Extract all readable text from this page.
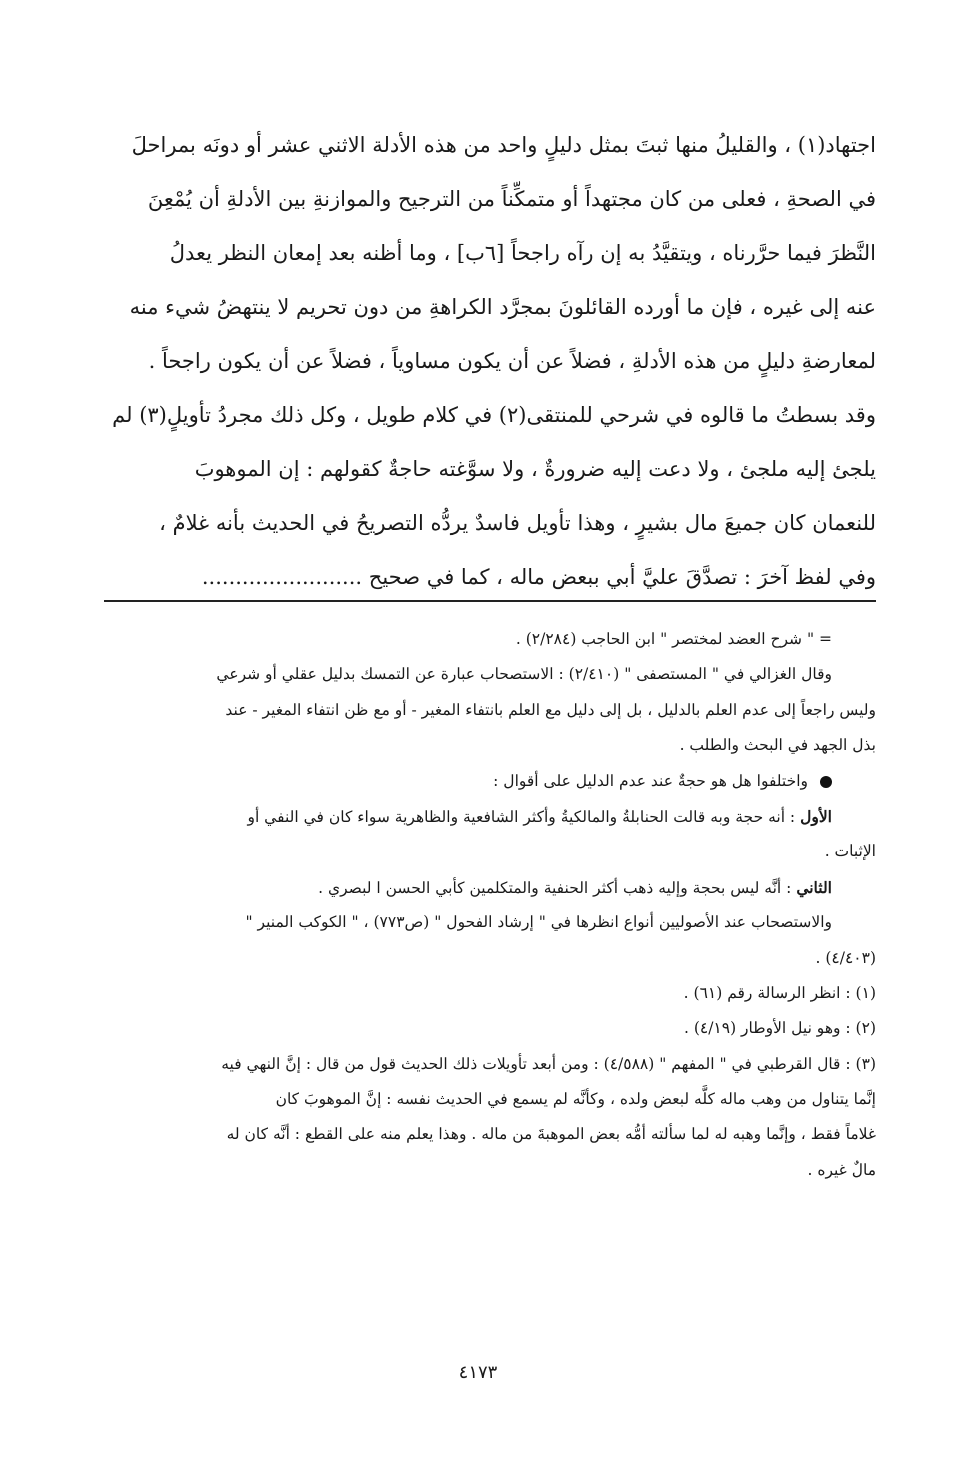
اجتهاد(١) ، والقليلُ منها ثبتَ بمثل دليلٍ واحد من هذه الأدلة الاثني عشر أو دونَه بمراحلَ
في الصحةِ ، فعلى من كان مجتهداً أو متمكِّناً من الترجيح والموازنةِ بين الأدلةِ أن يُمْعِنَ
النَّظرَ فيما حرَّرناه ، ويتقيَّدُ به إن رآه راجحاً [٦ب] ، وما أظنه بعد إمعان النظر يعدلُ
عنه إلى غيره ، فإن ما أورده القائلونَ بمجرَّد الكراهةِ من دون تحريم لا ينتهضُ شيء منه
لمعارضةِ دليلٍ من هذه الأدلةِ ، فضلاً عن أن يكون مساوياً ، فضلاً عن أن يكون راجحاً .
وقد بسطتُ ما قالوه في شرحي للمنتقى(٢) في كلام طويل ، وكل ذلك مجردُ تأويلٍ(٣) لم
يلجئ إليه ملجئ ، ولا دعت إليه ضرورةٌ ، ولا سوَّغته حاجةٌ كقولهم : إن الموهوبَ
للنعمان كان جميعَ مال بشيرٍ ، وهذا تأويل فاسدٌ يردُّه التصريحُ في الحديث بأنه غلامٌ ،
وفي لفظ آخرَ : تصدَّقَ عليَّ أبي ببعض ماله ، كما في صحيح ........................
= " شرح العضد لمختصر " ابن الحاجب (٢/٢٨٤) .
وقال الغزالي في " المستصفى " (٢/٤١٠) : الاستصحاب عبارة عن التمسك بدليل عقلي أو شرعي
وليس راجعاً إلى عدم العلم بالدليل ، بل إلى دليل مع العلم بانتفاء المغير - أو مع ظن انتفاء المغير - عند
بذل الجهد في البحث والطلب .
واختلفوا هل هو حجةٌ عند عدم الدليل على أقوال :
الأول : أنه حجة وبه قالت الحنابلةُ والمالكيةُ وأكثر الشافعية والظاهرية سواء كان في النفي أو
الإثبات .
الثاني : أنَّه ليس بحجة وإليه ذهب أكثر الحنفية والمتكلمين كأبي الحسن ا لبصري .
والاستصحاب عند الأصوليين أنواع انظرها في " إرشاد الفحول " (ص٧٧٣) ، " الكوكب المنير "
(٤/٤٠٣) .
(١) : انظر الرسالة رقم (٦١) .
(٢) : وهو نيل الأوطار (٤/١٩) .
(٣) : قال القرطبي في " المفهم " (٤/٥٨٨) : ومن أبعد تأويلات ذلك الحديث قول من قال : إنَّ النهي فيه
إنَّما يتناول من وهب ماله كلَّه لبعض ولده ، وكأنَّه لم يسمع في الحديث نفسه : إنَّ الموهوبَ كان
غلاماً فقط ، وإنَّما وهبه له لما سألته أمُّه بعض الموهبةَ من ماله . وهذا يعلم منه على القطع : أنَّه كان له
مالٌ غيره .
٤١٧٣
